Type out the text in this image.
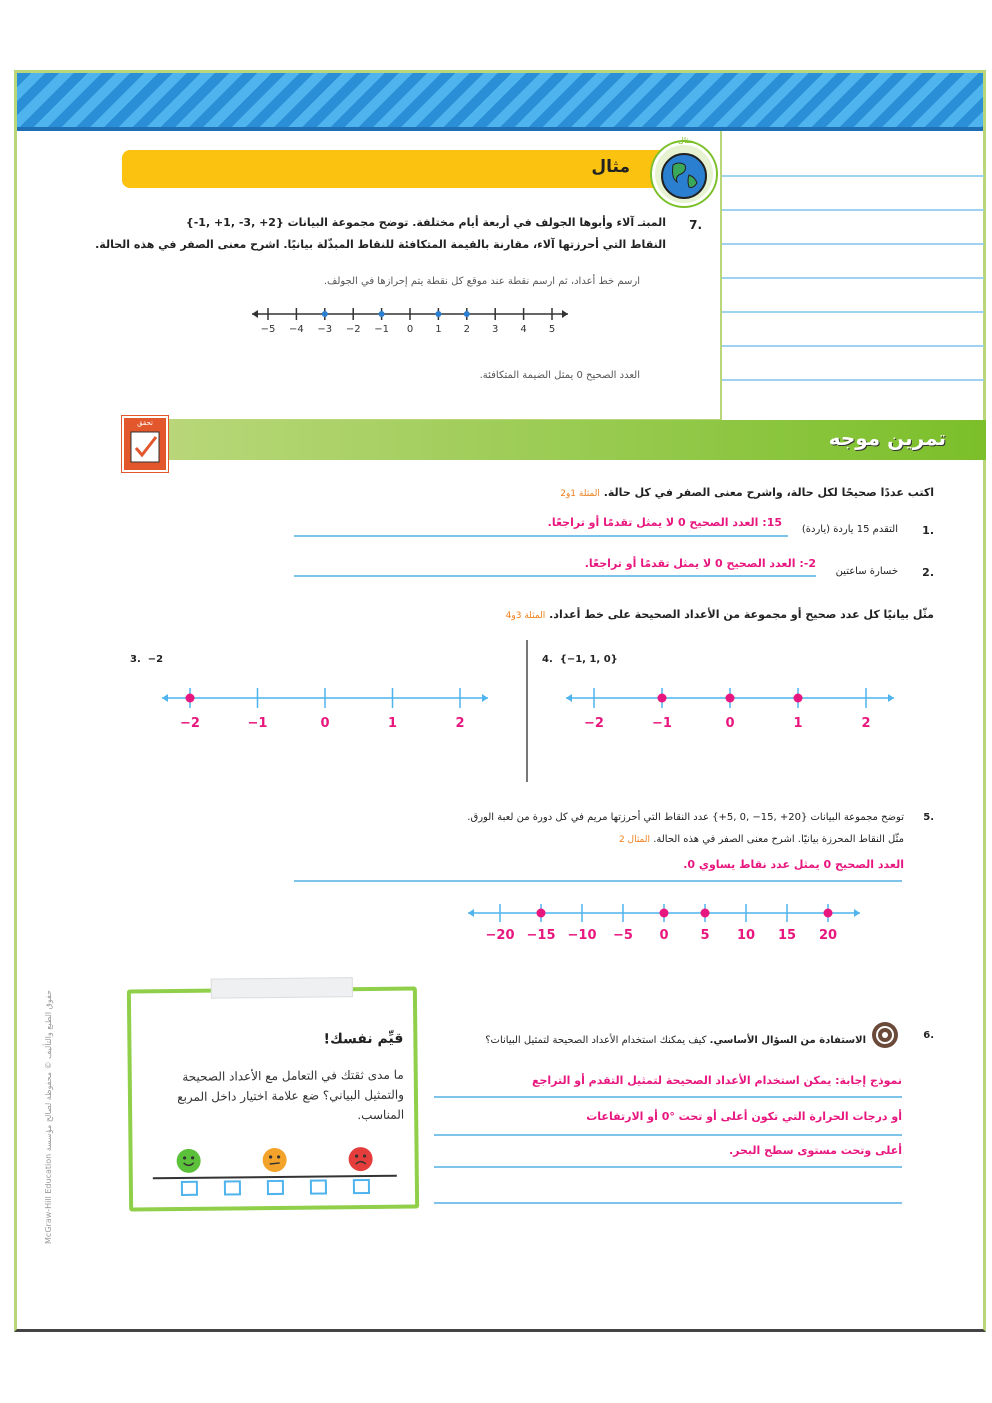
مثال
مثال
.7
المبتـ آلاء وأبوها الجولف في أربعة أيام مختلفة. توضح مجموعة البيانات {2+ ,3- ,1+ ,1-}
النقاط التي أحرزتها آلاء، مقارنة بالقيمة المتكافئة للنقاط المبذّلة بيانيًا. اشرح معنى الصفر في هذه الحالة.
ارسم خط أعداد، ثم ارسم نقطة عند موقع كل نقطة يتم إحرازها في الجولف.
−5 −4 −3 −2 −1 0 1 2 3 4 5
العدد الصحيح 0 يمثل الضيمة المتكافئة.
تمرين موجه
تحقق
اكتب عددًا صحيحًا لكل حالة، واشرح معنى الصفر في كل حالة. المثلة 1و2
.1
التقدم 15 ياردة (ياردة)
15: العدد الصحيح 0 لا يمثل تقدمًا أو تراجعًا.
.2
خسارة ساعتين
2-: العدد الصحيح 0 لا يمثل تقدمًا أو تراجعًا.
مثّل بيانيًا كل عدد صحيح أو مجموعة من الأعداد الصحيحة على خط أعداد. المثلة 3و4
3.  −2
−2	−1	0	1	2
4.  {−1, 1, 0}
−2	−1	0	1	2
.5
توضح مجموعة البيانات {20+ ,15− ,0 ,5+} عدد النقاط التي أحرزتها مريم في كل دورة من لعبة الورق.
مثّل النقاط المحرزة بيانيًا. اشرح معنى الصفر في هذه الحالة. المثال 2
العدد الصحيح 0 يمثل عدد نقاط يساوي 0.
−20 −15 −10 −5 0 5 10 15 20
قيِّم نفسك!
ما مدى ثقتك في التعامل مع الأعداد الصحيحة والتمثيل البياني؟ ضع علامة اختيار داخل المربع المناسب.
.6
الاستفادة من السؤال الأساسي. كيف يمكنك استخدام الأعداد الصحيحة لتمثيل البيانات؟
نموذج إجابة: يمكن استخدام الأعداد الصحيحة لتمثيل التقدم أو التراجع
أو درجات الحرارة التي تكون أعلى أو تحت °0 أو الارتفاعات
أعلى وتحت مستوى سطح البحر.
حقوق الطبع والتأليف © محفوظة لصالح مؤسسة McGraw-Hill Education
